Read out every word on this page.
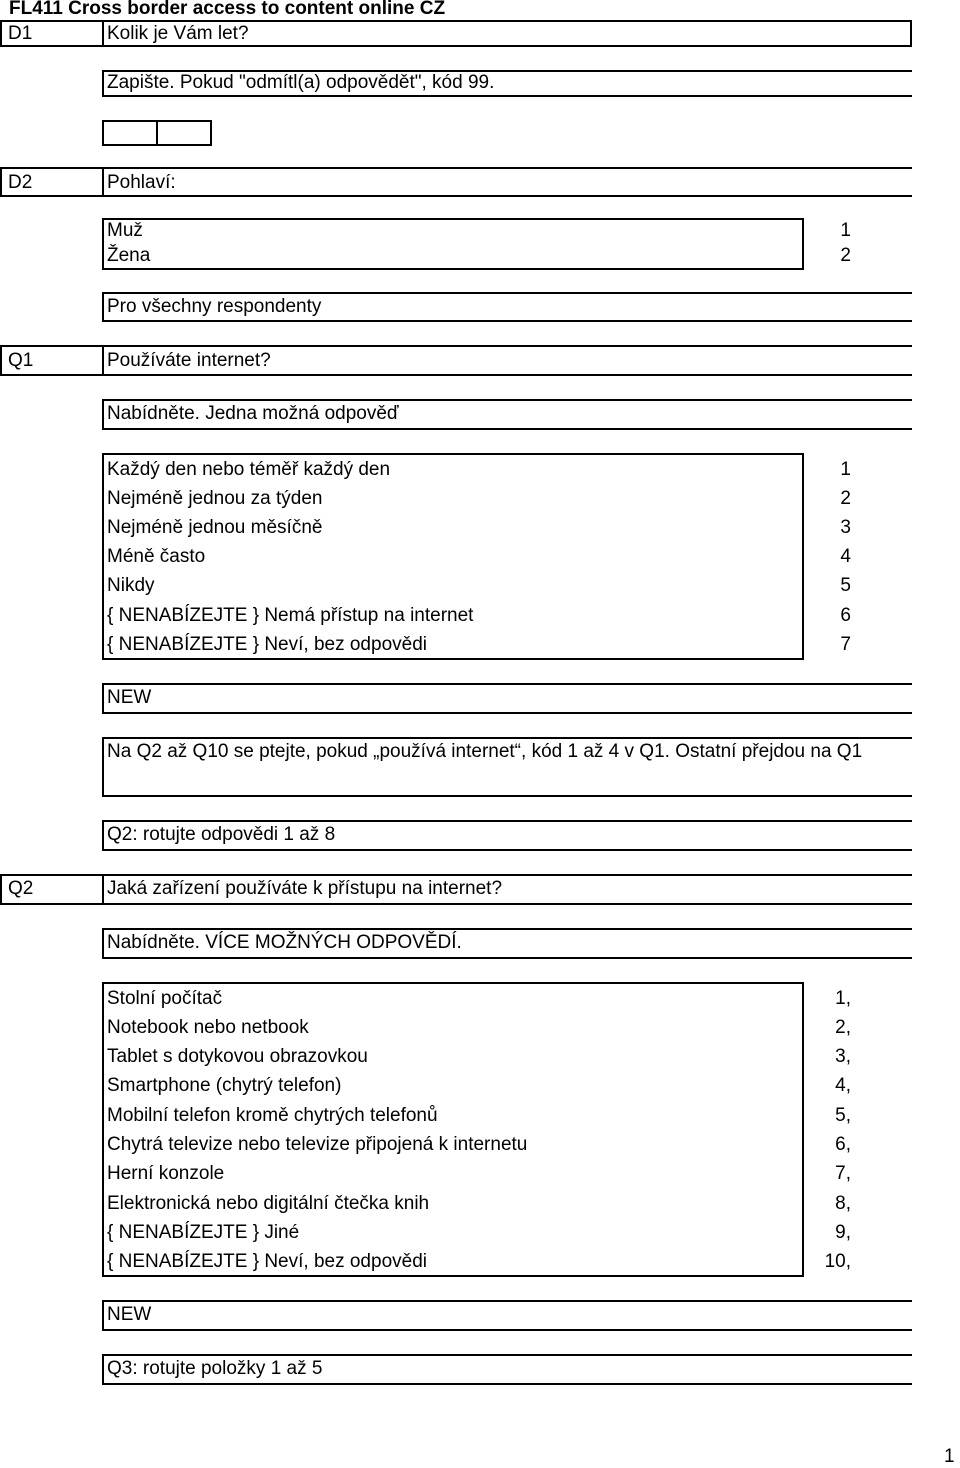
FL411 Cross border access to content online CZ
D1	Kolik je Vám let?
Zapište. Pokud "odmítl(a) odpovědět", kód 99.
D2	Pohlaví:
Muž	1
Žena	2
Pro všechny respondenty
Q1	Používáte internet?
Nabídněte. Jedna možná odpověď
Každý den nebo téměř každý den	1
Nejméně jednou za týden	2
Nejméně jednou měsíčně	3
Méně často	4
Nikdy	5
{ NENABÍZEJTE } Nemá přístup na internet	6
{ NENABÍZEJTE } Neví, bez odpovědi	7
NEW
Na Q2 až Q10 se ptejte, pokud „používá internet“, kód 1 až 4 v Q1. Ostatní přejdou na Q1
Q2: rotujte odpovědi 1 až 8
Q2	Jaká zařízení používáte k přístupu na internet?
Nabídněte. VÍCE MOŽNÝCH ODPOVĚDÍ.
Stolní počítač	1,
Notebook nebo netbook	2,
Tablet s dotykovou obrazovkou	3,
Smartphone (chytrý telefon)	4,
Mobilní telefon kromě chytrých telefonů	5,
Chytrá televize nebo televize připojená k internetu	6,
Herní konzole	7,
Elektronická nebo digitální čtečka knih	8,
{ NENABÍZEJTE } Jiné	9,
{ NENABÍZEJTE } Neví, bez odpovědi	10,
NEW
Q3: rotujte položky 1 až 5
1
